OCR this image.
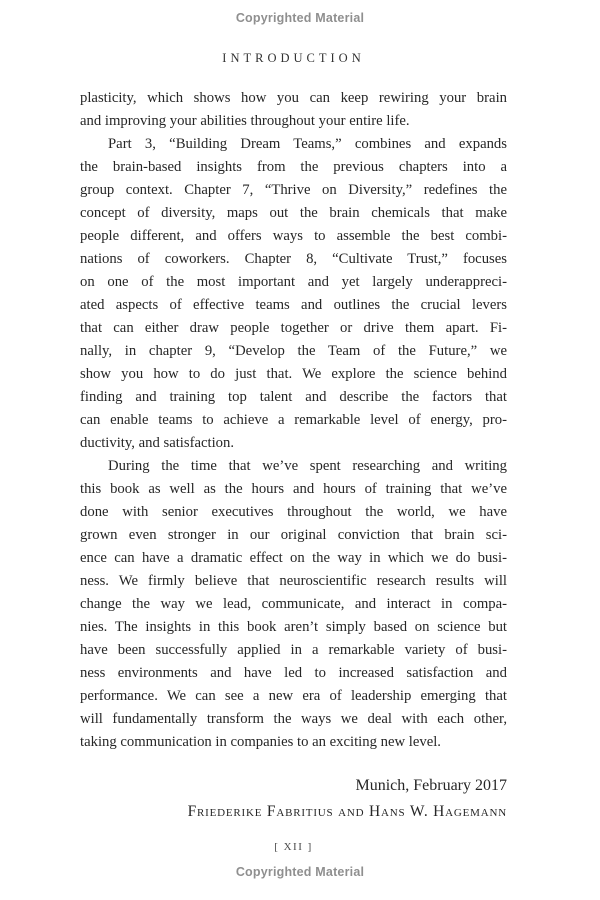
Copyrighted Material
INTRODUCTION
plasticity, which shows how you can keep rewiring your brain
and improving your abilities throughout your entire life.
Part 3, “Building Dream Teams,” combines and expands
the brain-based insights from the previous chapters into a
group context. Chapter 7, “Thrive on Diversity,” redefines the
concept of diversity, maps out the brain chemicals that make
people different, and offers ways to assemble the best combi-
nations of coworkers. Chapter 8, “Cultivate Trust,” focuses
on one of the most important and yet largely underappreci-
ated aspects of effective teams and outlines the crucial levers
that can either draw people together or drive them apart. Fi-
nally, in chapter 9, “Develop the Team of the Future,” we
show you how to do just that. We explore the science behind
finding and training top talent and describe the factors that
can enable teams to achieve a remarkable level of energy, pro-
ductivity, and satisfaction.
During the time that we’ve spent researching and writing
this book as well as the hours and hours of training that we’ve
done with senior executives throughout the world, we have
grown even stronger in our original conviction that brain sci-
ence can have a dramatic effect on the way in which we do busi-
ness. We firmly believe that neuroscientific research results will
change the way we lead, communicate, and interact in compa-
nies. The insights in this book aren’t simply based on science but
have been successfully applied in a remarkable variety of busi-
ness environments and have led to increased satisfaction and
performance. We can see a new era of leadership emerging that
will fundamentally transform the ways we deal with each other,
taking communication in companies to an exciting new level.
Munich, February 2017
Friederike Fabritius and Hans W. Hagemann
[ XII ]
Copyrighted Material
